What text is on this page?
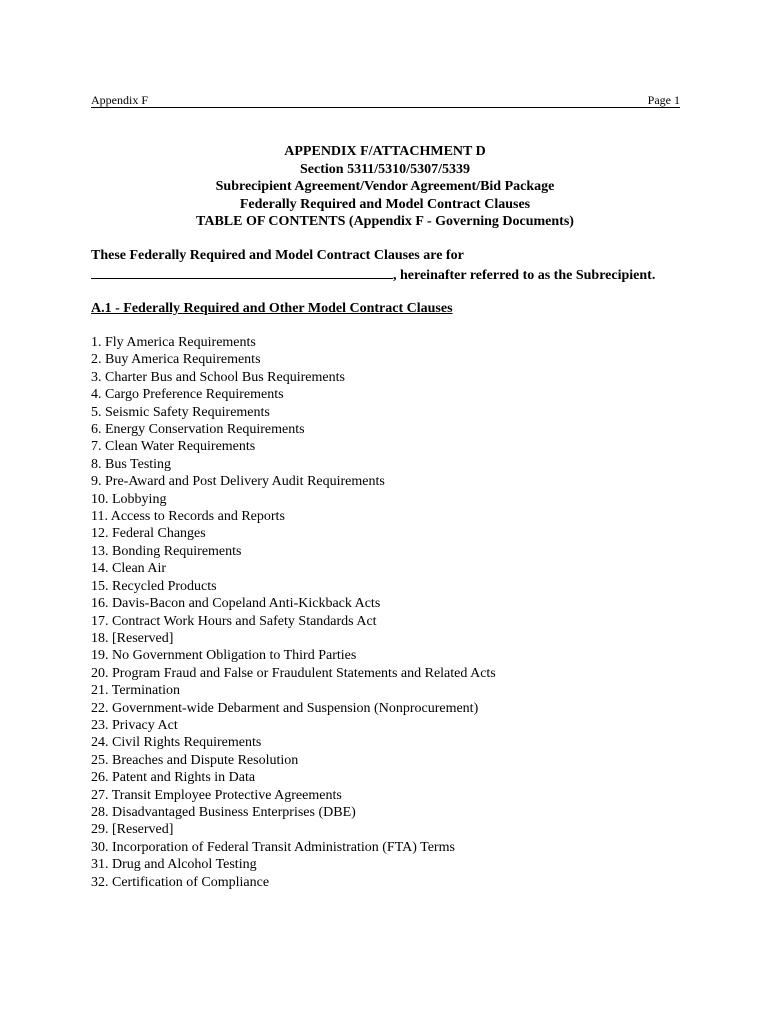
Appendix F	Page 1
APPENDIX F/ATTACHMENT D
Section 5311/5310/5307/5339
Subrecipient Agreement/Vendor Agreement/Bid Package
Federally Required and Model Contract Clauses
TABLE OF CONTENTS (Appendix F - Governing Documents)
These Federally Required and Model Contract Clauses are for
, hereinafter referred to as the Subrecipient.
A.1 - Federally Required and Other Model Contract Clauses
1. Fly America Requirements
2. Buy America Requirements
3. Charter Bus and School Bus Requirements
4. Cargo Preference Requirements
5. Seismic Safety Requirements
6. Energy Conservation Requirements
7. Clean Water Requirements
8. Bus Testing
9. Pre-Award and Post Delivery Audit Requirements
10. Lobbying
11. Access to Records and Reports
12. Federal Changes
13. Bonding Requirements
14. Clean Air
15. Recycled Products
16. Davis-Bacon and Copeland Anti-Kickback Acts
17. Contract Work Hours and Safety Standards Act
18. [Reserved]
19. No Government Obligation to Third Parties
20. Program Fraud and False or Fraudulent Statements and Related Acts
21. Termination
22. Government-wide Debarment and Suspension (Nonprocurement)
23. Privacy Act
24. Civil Rights Requirements
25. Breaches and Dispute Resolution
26. Patent and Rights in Data
27. Transit Employee Protective Agreements
28. Disadvantaged Business Enterprises (DBE)
29. [Reserved]
30. Incorporation of Federal Transit Administration (FTA) Terms
31. Drug and Alcohol Testing
32. Certification of Compliance
